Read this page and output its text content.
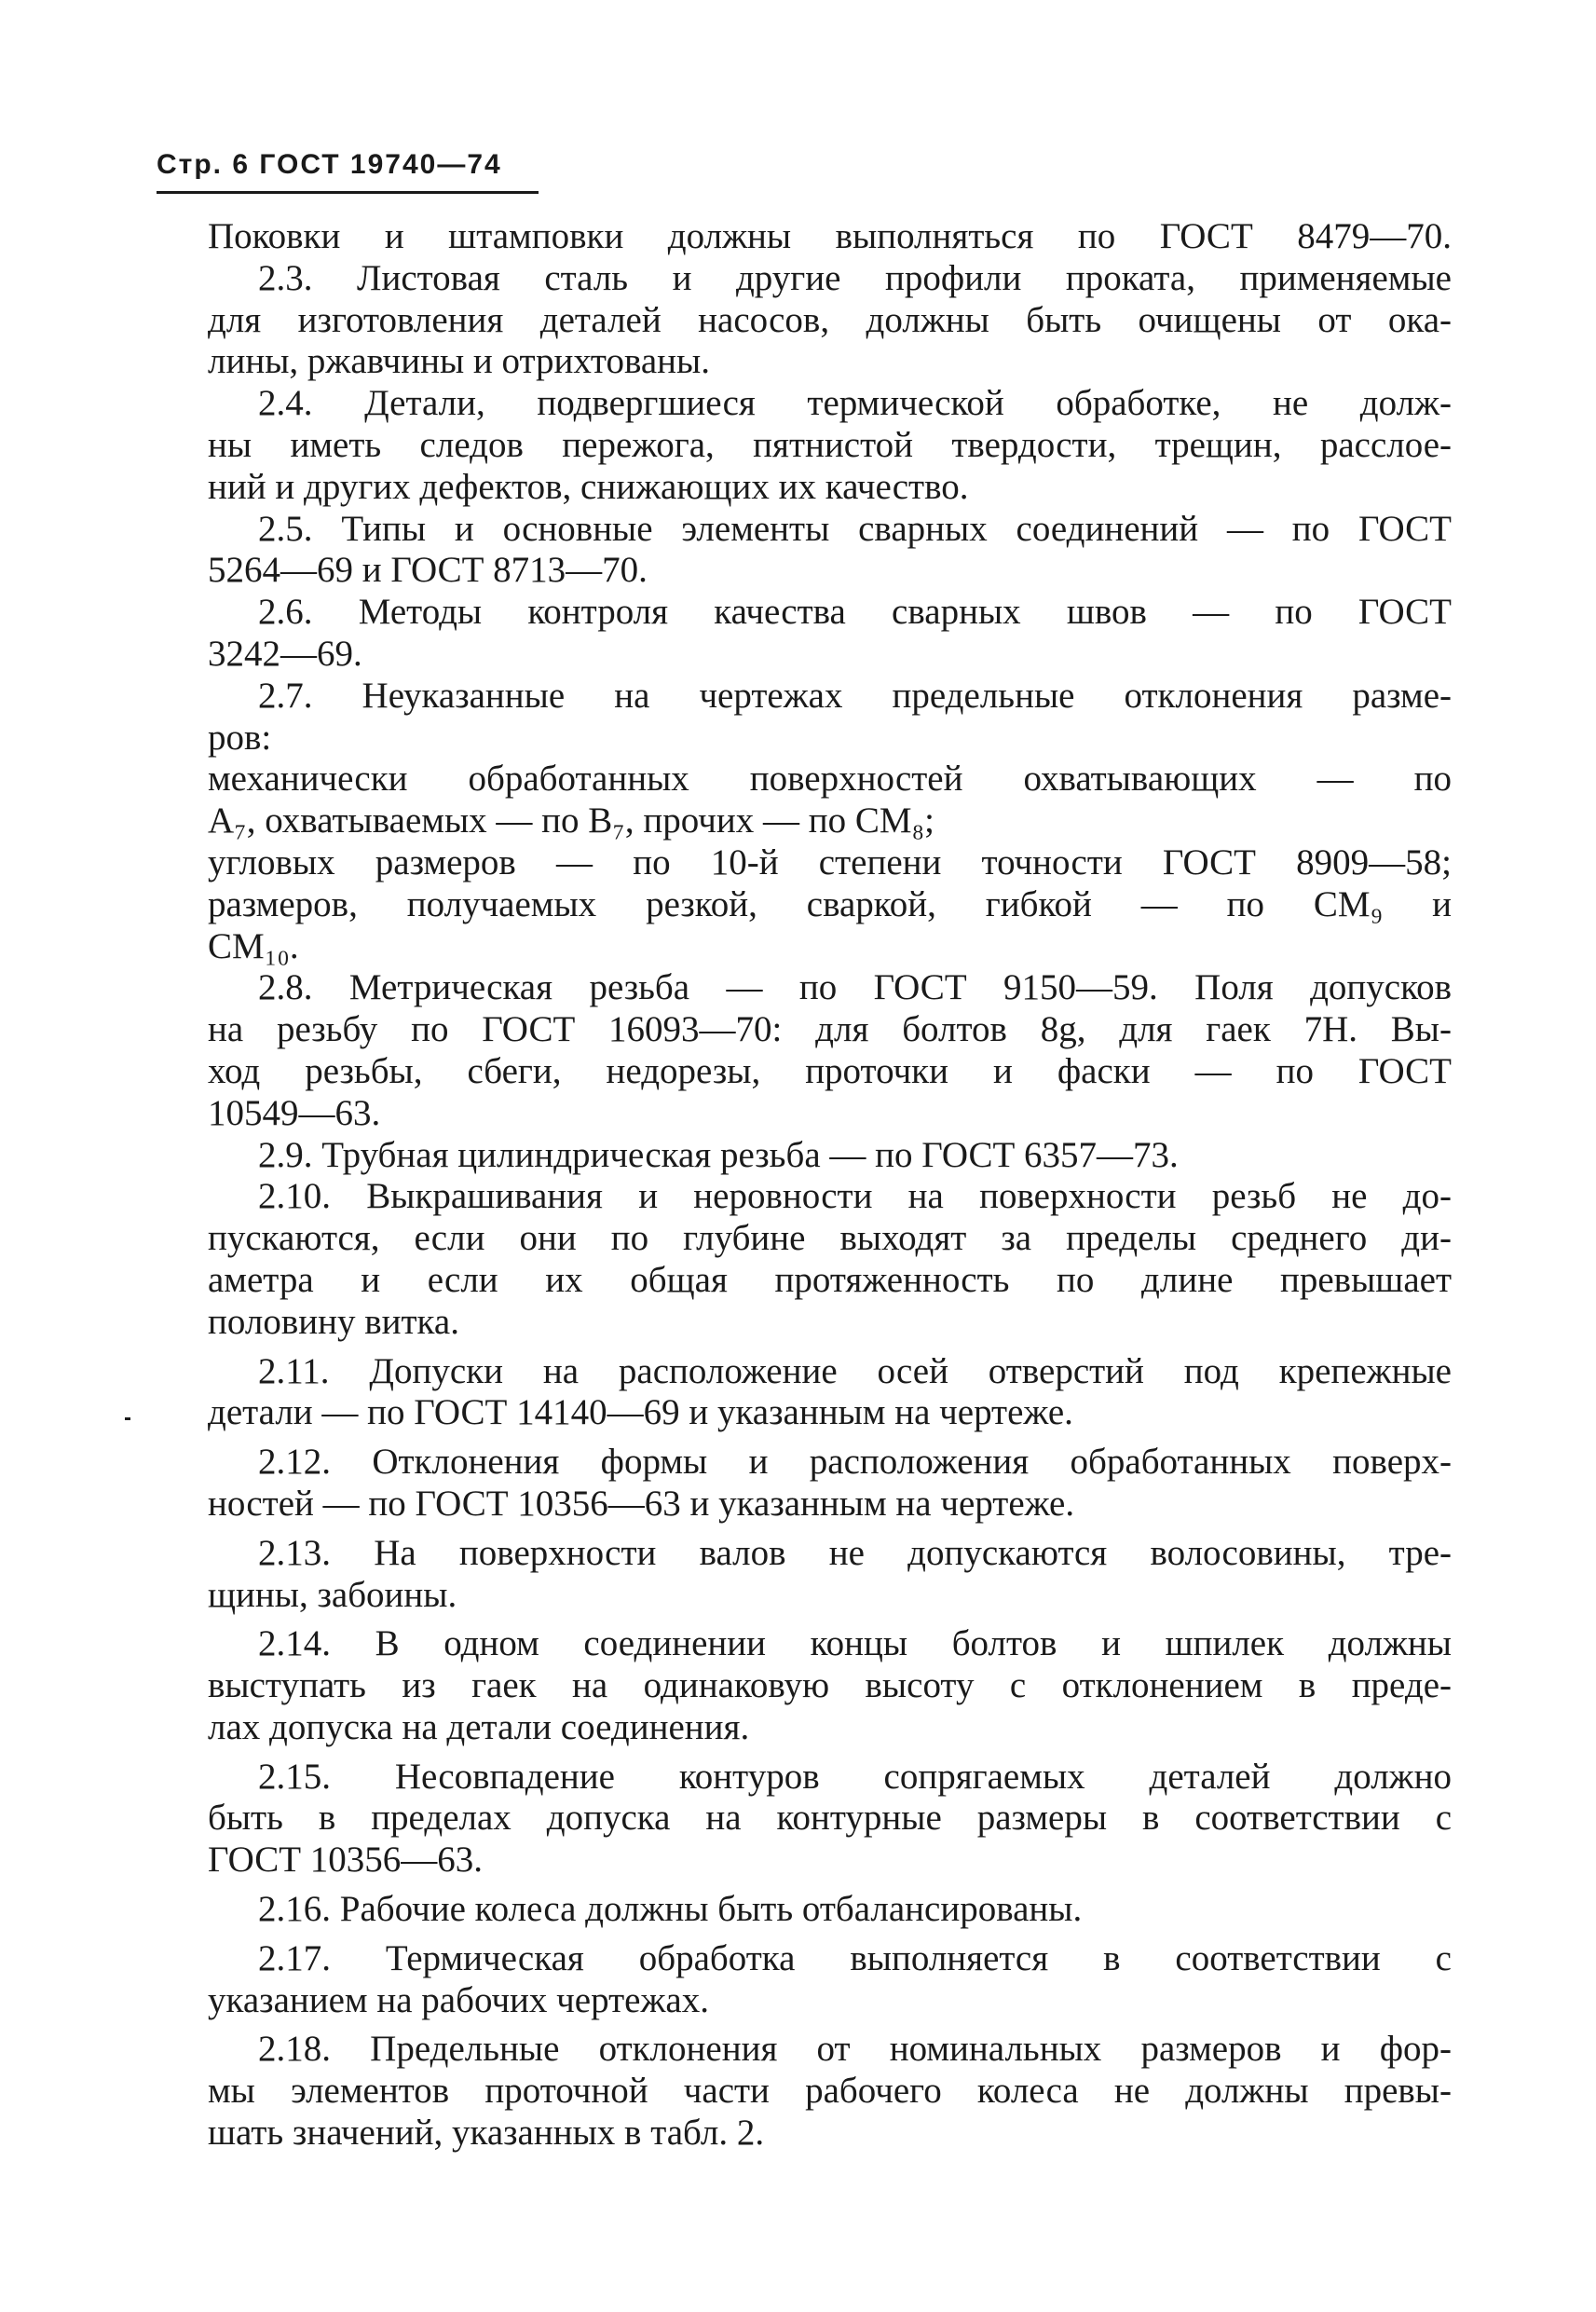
Стр. 6 ГОСТ 19740—74
Поковки и штамповки должны выполняться по ГОСТ 8479—70.
2.3. Листовая сталь и другие профили проката, применяемые
для изготовления деталей насосов, должны быть очищены от ока-
лины, ржавчины и отрихтованы.
2.4. Детали, подвергшиеся термической обработке, не долж-
ны иметь следов пережога, пятнистой твердости, трещин, расслое-
ний и других дефектов, снижающих их качество.
2.5. Типы и основные элементы сварных соединений — по ГОСТ
5264—69 и ГОСТ 8713—70.
2.6. Методы контроля качества сварных швов — по ГОСТ
3242—69.
2.7. Неуказанные на чертежах предельные отклонения разме-
ров:
механически обработанных поверхностей охватывающих — по
A₇, охватываемых — по B₇, прочих — по CM₈;
угловых размеров — по 10-й степени точности ГОСТ 8909—58;
размеров, получаемых резкой, сваркой, гибкой — по CM₉ и
CM₁₀.
2.8. Метрическая резьба — по ГОСТ 9150—59. Поля допусков
на резьбу по ГОСТ 16093—70: для болтов 8g, для гаек 7H. Вы-
ход резьбы, сбеги, недорезы, проточки и фаски — по ГОСТ
10549—63.
2.9. Трубная цилиндрическая резьба — по ГОСТ 6357—73.
2.10. Выкрашивания и неровности на поверхности резьб не до-
пускаются, если они по глубине выходят за пределы среднего ди-
аметра и если их общая протяженность по длине превышает
половину витка.
2.11. Допуски на расположение осей отверстий под крепежные
детали — по ГОСТ 14140—69 и указанным на чертеже.
2.12. Отклонения формы и расположения обработанных поверх-
ностей — по ГОСТ 10356—63 и указанным на чертеже.
2.13. На поверхности валов не допускаются волосовины, тре-
щины, забоины.
2.14. В одном соединении концы болтов и шпилек должны
выступать из гаек на одинаковую высоту с отклонением в преде-
лах допуска на детали соединения.
2.15. Несовпадение контуров сопрягаемых деталей должно
быть в пределах допуска на контурные размеры в соответствии с
ГОСТ 10356—63.
2.16. Рабочие колеса должны быть отбалансированы.
2.17. Термическая обработка выполняется в соответствии с
указанием на рабочих чертежах.
2.18. Предельные отклонения от номинальных размеров и фор-
мы элементов проточной части рабочего колеса не должны превы-
шать значений, указанных в табл. 2.
